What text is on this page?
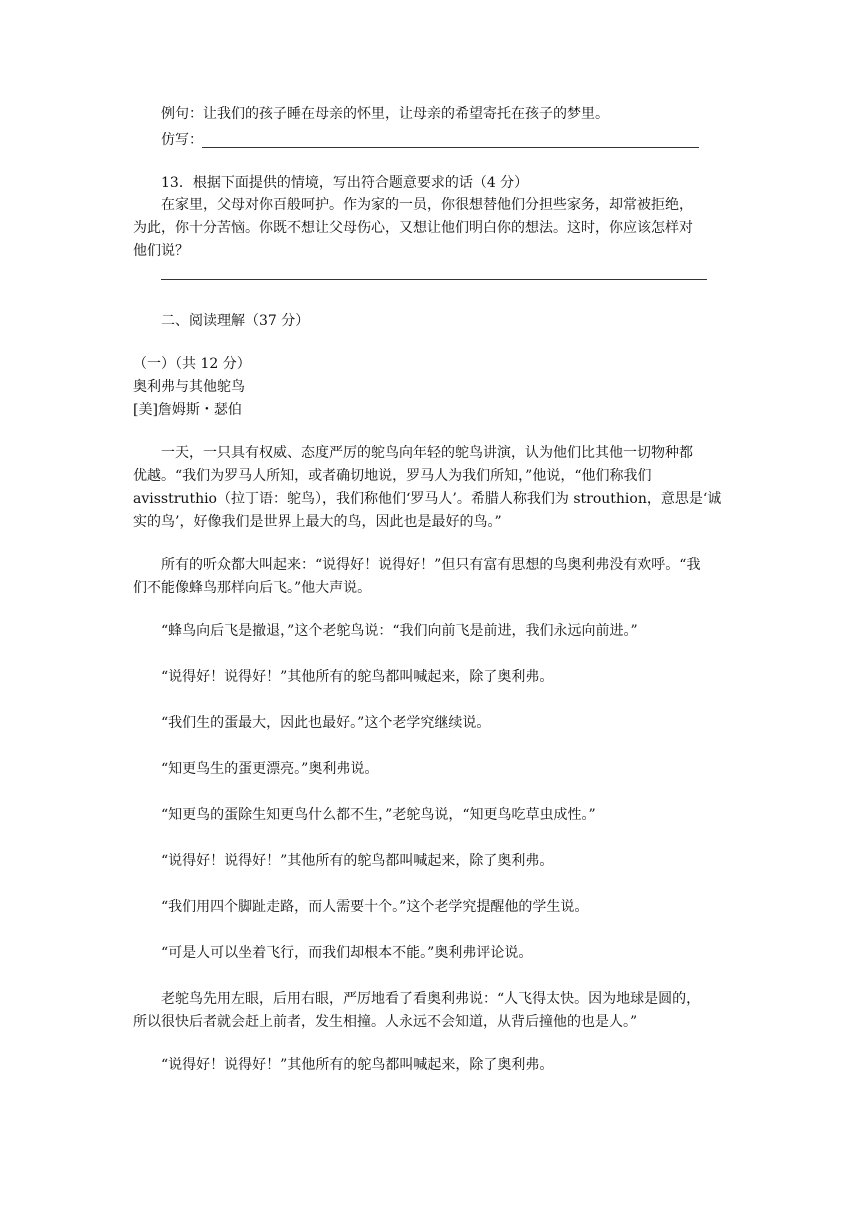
例句：让我们的孩子睡在母亲的怀里，让母亲的希望寄托在孩子的梦里。
仿写：
13．根据下面提供的情境，写出符合题意要求的话（4 分）
在家里，父母对你百般呵护。作为家的一员，你很想替他们分担些家务，却常被拒绝，
为此，你十分苦恼。你既不想让父母伤心，又想让他们明白你的想法。这时，你应该怎样对
他们说？
二、阅读理解（37 分）
（一）（共 12 分）
奥利弗与其他鸵鸟
[美]詹姆斯・瑟伯
一天，一只具有权威、态度严厉的鸵鸟向年轻的鸵鸟讲演，认为他们比其他一切物种都
优越。“我们为罗马人所知，或者确切地说，罗马人为我们所知，”他说，“他们称我们
avisstruthio（拉丁语：鸵鸟），我们称他们‘罗马人’。希腊人称我们为 strouthion，意思是‘诚
实的鸟’，好像我们是世界上最大的鸟，因此也是最好的鸟。”
所有的听众都大叫起来：“说得好！说得好！”但只有富有思想的鸟奥利弗没有欢呼。“我
们不能像蜂鸟那样向后飞。”他大声说。
“蜂鸟向后飞是撤退，”这个老鸵鸟说：“我们向前飞是前进，我们永远向前进。”
“说得好！说得好！”其他所有的鸵鸟都叫喊起来，除了奥利弗。
“我们生的蛋最大，因此也最好。”这个老学究继续说。
“知更鸟生的蛋更漂亮。”奥利弗说。
“知更鸟的蛋除生知更鸟什么都不生，”老鸵鸟说，“知更鸟吃草虫成性。”
“说得好！说得好！”其他所有的鸵鸟都叫喊起来，除了奥利弗。
“我们用四个脚趾走路，而人需要十个。”这个老学究提醒他的学生说。
“可是人可以坐着飞行，而我们却根本不能。”奥利弗评论说。
老鸵鸟先用左眼，后用右眼，严厉地看了看奥利弗说：“人飞得太快。因为地球是圆的，
所以很快后者就会赶上前者，发生相撞。人永远不会知道，从背后撞他的也是人。”
“说得好！说得好！”其他所有的鸵鸟都叫喊起来，除了奥利弗。
